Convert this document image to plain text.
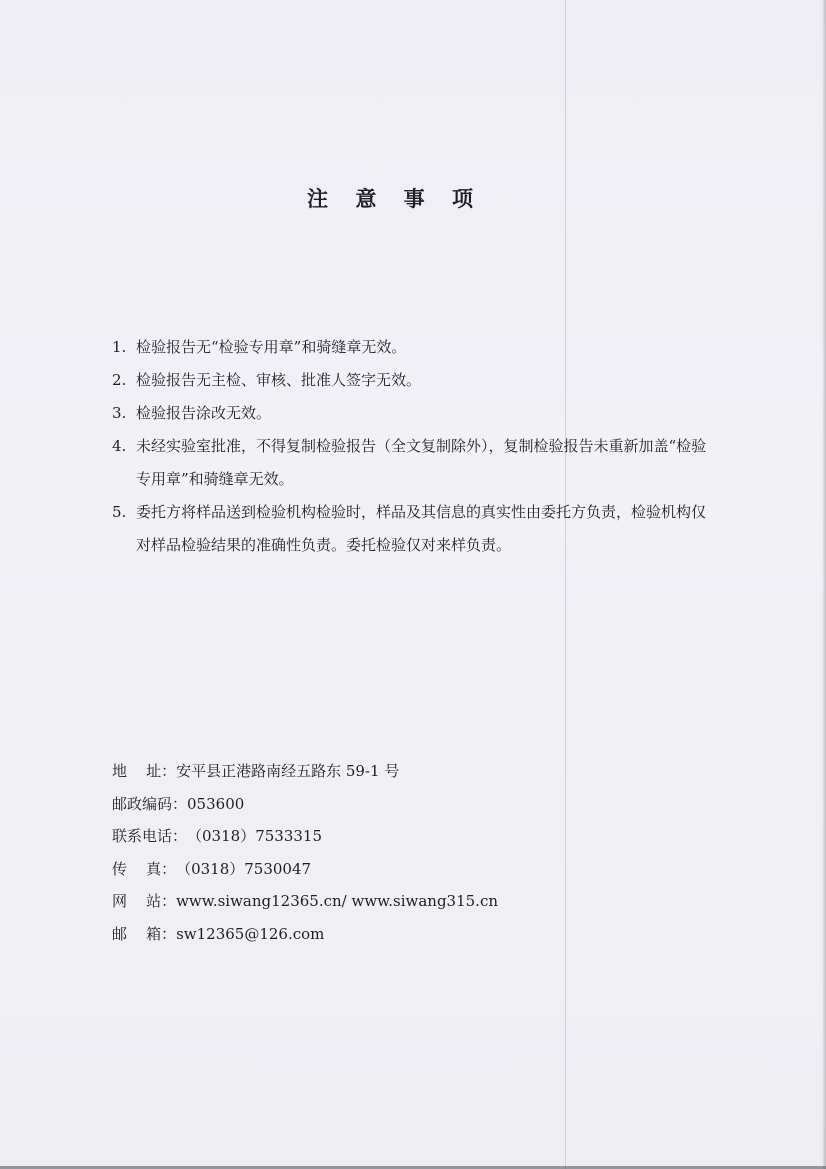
注 意 事 项
1. 检验报告无“检验专用章”和骑缝章无效。
2. 检验报告无主检、审核、批准人签字无效。
3. 检验报告涂改无效。
4. 未经实验室批准，不得复制检验报告（全文复制除外），复制检验报告未重新加盖“检验专用章”和骑缝章无效。
5. 委托方将样品送到检验机构检验时，样品及其信息的真实性由委托方负责，检验机构仅对样品检验结果的准确性负责。委托检验仅对来样负责。
地    址： 安平县正港路南经五路东 59-1 号
邮政编码： 053600
联系电话： （0318）7533315
传    真： （0318）7530047
网    站： www.siwang12365.cn/ www.siwang315.cn
邮    箱： sw12365@126.com
